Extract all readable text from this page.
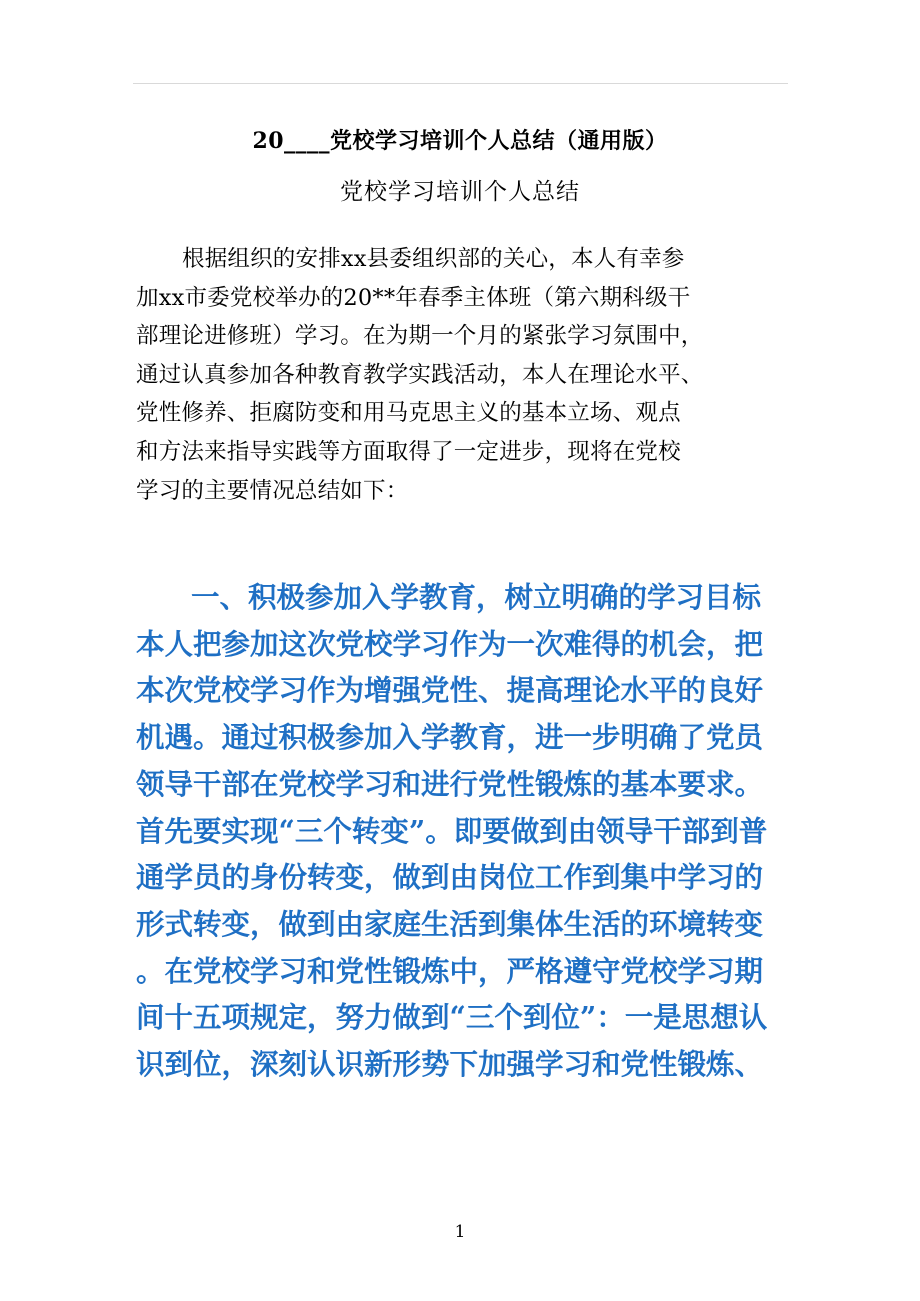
20____党校学习培训个人总结（通用版）
党校学习培训个人总结

根据组织的安排xx县委组织部的关心，本人有幸参
加xx市委党校举办的20**年春季主体班（第六期科级干
部理论进修班）学习。在为期一个月的紧张学习氛围中，
通过认真参加各种教育教学实践活动，本人在理论水平、
党性修养、拒腐防变和用马克思主义的基本立场、观点
和方法来指导实践等方面取得了一定进步，现将在党校
学习的主要情况总结如下：

一、积极参加入学教育，树立明确的学习目标
本人把参加这次党校学习作为一次难得的机会，把
本次党校学习作为增强党性、提高理论水平的良好
机遇。通过积极参加入学教育，进一步明确了党员
领导干部在党校学习和进行党性锻炼的基本要求。
首先要实现“三个转变”。即要做到由领导干部到普
通学员的身份转变，做到由岗位工作到集中学习的
形式转变，做到由家庭生活到集体生活的环境转变
。在党校学习和党性锻炼中，严格遵守党校学习期
间十五项规定，努力做到“三个到位”：一是思想认
识到位，深刻认识新形势下加强学习和党性锻炼、
1
